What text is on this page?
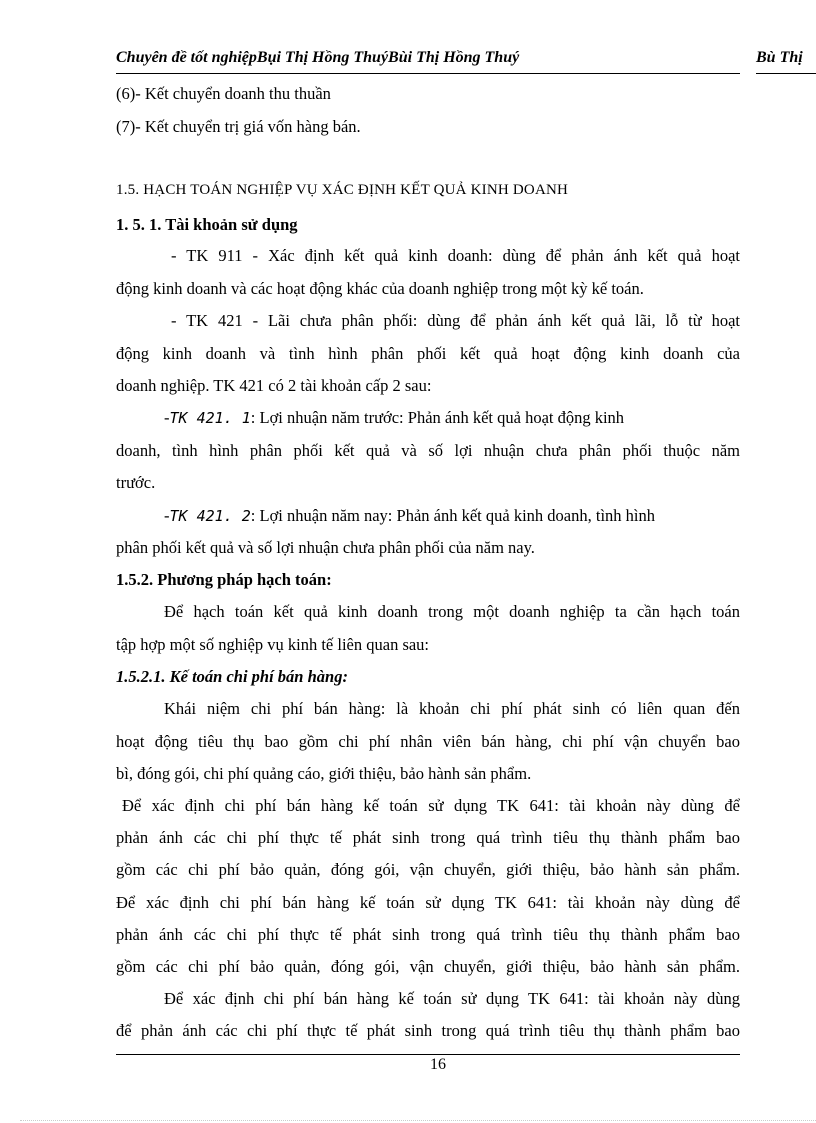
Chuyên đề tốt nghiệpBụi Thị Hồng ThuýBùi Thị Hồng Thuý	Bù Thị
(6)- Kết chuyển doanh thu thuần
(7)- Kết chuyển trị giá vốn hàng bán.
1.5. HẠCH TOÁN NGHIỆP VỤ XÁC ĐỊNH KẾT QUẢ KINH DOANH
1. 5. 1. Tài khoản sử dụng
- TK 911 - Xác định kết quả kinh doanh: dùng để phản ánh kết quả hoạt
động kinh doanh và các hoạt động khác của doanh nghiệp trong một kỳ kế toán.
- TK 421 - Lãi chưa phân phối: dùng để phản ánh kết quả lãi, lỗ từ hoạt
động kinh doanh và tình hình phân phối kết quả hoạt động kinh doanh của
doanh nghiệp. TK 421 có 2 tài khoản cấp 2 sau:
-TK 421. 1: Lợi nhuận năm trước: Phản ánh kết quả hoạt động kinh
doanh, tình hình phân phối kết quả và số lợi nhuận chưa phân phối thuộc năm
trước.
-TK 421. 2: Lợi nhuận năm nay: Phản ánh kết quả kinh doanh, tình hình
phân phối kết quả và số lợi nhuận chưa phân phối của năm nay.
1.5.2. Phương pháp hạch toán:
Để hạch toán kết quả kinh doanh trong một doanh nghiệp ta cần hạch toán
tập hợp một số nghiệp vụ kinh tế liên quan sau:
1.5.2.1. Kế toán chi phí bán hàng:
Khái niệm chi phí bán hàng: là khoản chi phí phát sinh có liên quan đến
hoạt động tiêu thụ bao gồm chi phí nhân viên bán hàng, chi phí vận chuyển bao
bì, đóng gói, chi phí quảng cáo, giới thiệu, bảo hành sản phẩm.
Để xác định chi phí bán hàng kế toán sử dụng TK 641: tài khoản này dùng để
phản ánh các chi phí thực tế phát sinh trong quá trình tiêu thụ thành phẩm bao
gồm các chi phí bảo quản, đóng gói, vận chuyển, giới thiệu, bảo hành sản phẩm.
Để xác định chi phí bán hàng kế toán sử dụng TK 641: tài khoản này dùng để
phản ánh các chi phí thực tế phát sinh trong quá trình tiêu thụ thành phẩm bao
gồm các chi phí bảo quản, đóng gói, vận chuyển, giới thiệu, bảo hành sản phẩm.
Để xác định chi phí bán hàng kế toán sử dụng TK 641: tài khoản này dùng
để phản ánh các chi phí thực tế phát sinh trong quá trình tiêu thụ thành phẩm bao
16
